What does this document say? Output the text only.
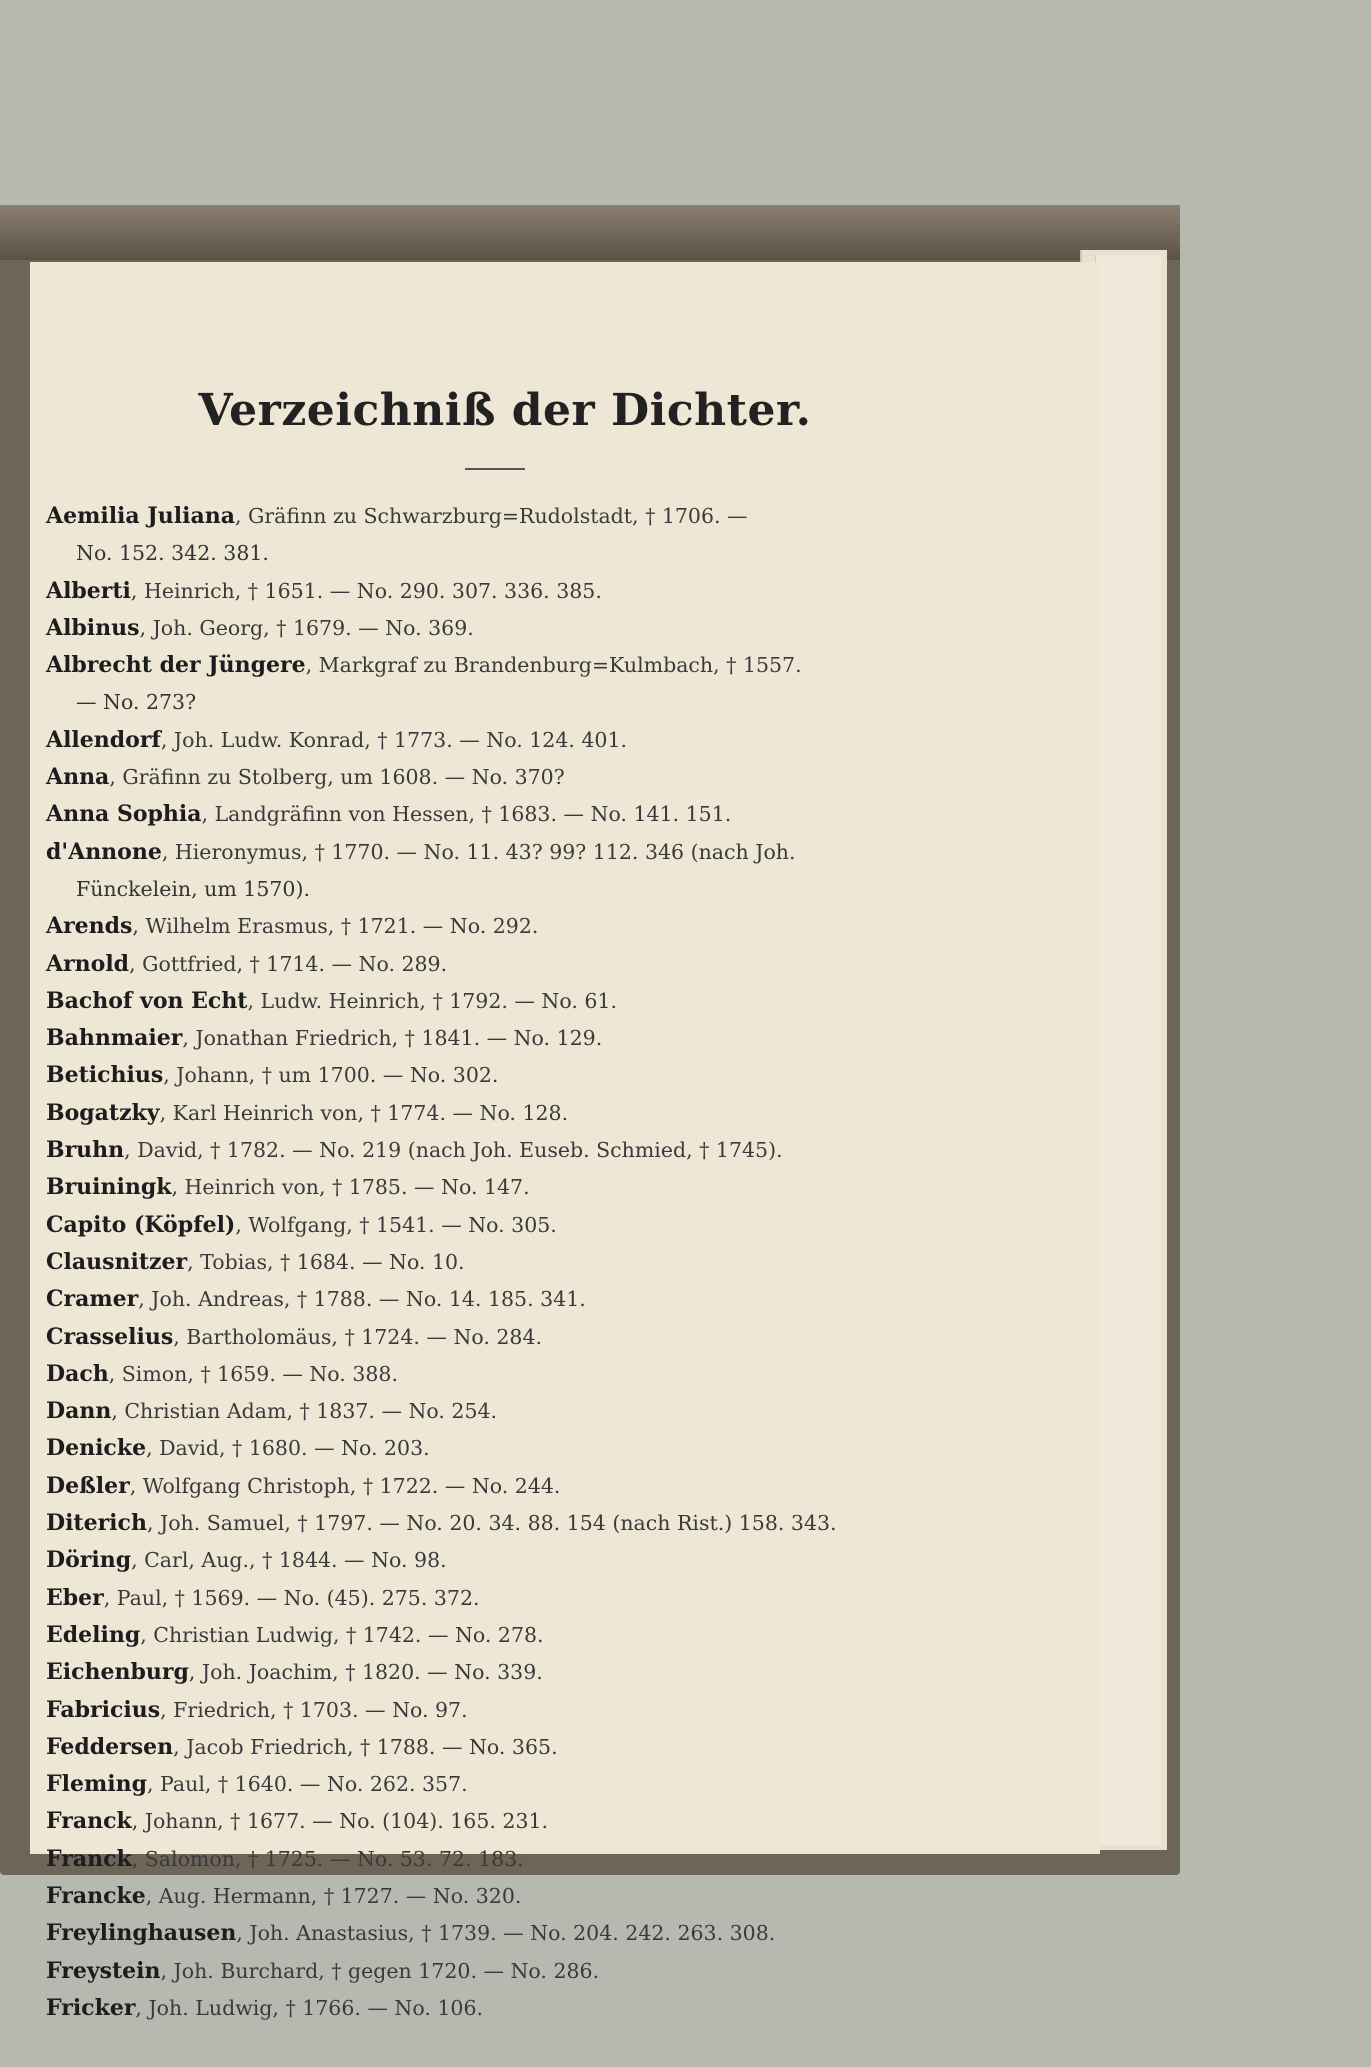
Verzeichniß der Dichter.
Aemilia Juliana, Gräfinn zu Schwarzburg=Rudolstadt, † 1706. —
No. 152. 342. 381.
Alberti, Heinrich, † 1651. — No. 290. 307. 336. 385.
Albinus, Joh. Georg, † 1679. — No. 369.
Albrecht der Jüngere, Markgraf zu Brandenburg=Kulmbach, † 1557.
— No. 273?
Allendorf, Joh. Ludw. Konrad, † 1773. — No. 124. 401.
Anna, Gräfinn zu Stolberg, um 1608. — No. 370?
Anna Sophia, Landgräfinn von Hessen, † 1683. — No. 141. 151.
d'Annone, Hieronymus, † 1770. — No. 11. 43? 99? 112. 346 (nach Joh.
Fünckelein, um 1570).
Arends, Wilhelm Erasmus, † 1721. — No. 292.
Arnold, Gottfried, † 1714. — No. 289.
Bachof von Echt, Ludw. Heinrich, † 1792. — No. 61.
Bahnmaier, Jonathan Friedrich, † 1841. — No. 129.
Betichius, Johann, † um 1700. — No. 302.
Bogatzky, Karl Heinrich von, † 1774. — No. 128.
Bruhn, David, † 1782. — No. 219 (nach Joh. Euseb. Schmied, † 1745).
Bruiningk, Heinrich von, † 1785. — No. 147.
Capito (Köpfel), Wolfgang, † 1541. — No. 305.
Clausnitzer, Tobias, † 1684. — No. 10.
Cramer, Joh. Andreas, † 1788. — No. 14. 185. 341.
Crasselius, Bartholomäus, † 1724. — No. 284.
Dach, Simon, † 1659. — No. 388.
Dann, Christian Adam, † 1837. — No. 254.
Denicke, David, † 1680. — No. 203.
Deßler, Wolfgang Christoph, † 1722. — No. 244.
Diterich, Joh. Samuel, † 1797. — No. 20. 34. 88. 154 (nach Rist.) 158. 343.
Döring, Carl, Aug., † 1844. — No. 98.
Eber, Paul, † 1569. — No. (45). 275. 372.
Edeling, Christian Ludwig, † 1742. — No. 278.
Eichenburg, Joh. Joachim, † 1820. — No. 339.
Fabricius, Friedrich, † 1703. — No. 97.
Feddersen, Jacob Friedrich, † 1788. — No. 365.
Fleming, Paul, † 1640. — No. 262. 357.
Franck, Johann, † 1677. — No. (104). 165. 231.
Franck, Salomon, † 1725. — No. 53. 72. 183.
Francke, Aug. Hermann, † 1727. — No. 320.
Freylinghausen, Joh. Anastasius, † 1739. — No. 204. 242. 263. 308.
Freystein, Joh. Burchard, † gegen 1720. — No. 286.
Fricker, Joh. Ludwig, † 1766. — No. 106.
